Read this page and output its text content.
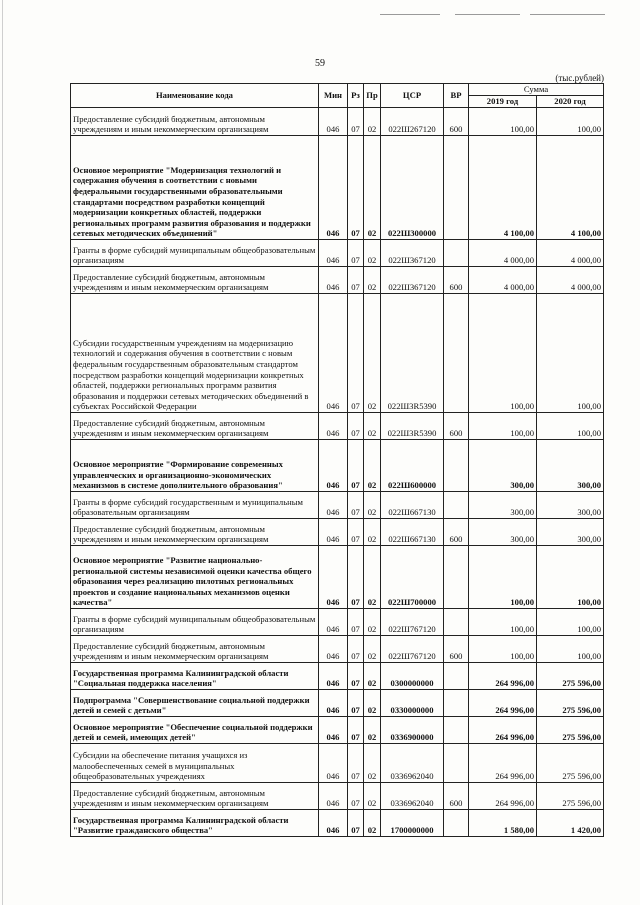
59
(тыс.рублей)
Наименование кода	Мин	Рз	Пр	ЦСР	ВР	Сумма	
						2019 год	2020 год
Предоставление субсидий бюджетным, автономным учреждениям и иным некоммерческим организациям	046	07	02	022Ш267120	600	100,00	100,00
Основное мероприятие "Модернизация технологий и содержания обучения в соответствии с новыми федеральными государственными образовательными стандартами посредством разработки концепций модернизации конкретных областей, поддержки региональных программ развития образования и поддержки сетевых методических объединений"	046	07	02	022Ш300000		4 100,00	4 100,00
Гранты в форме субсидий муниципальным общеобразовательным организациям	046	07	02	022Ш367120		4 000,00	4 000,00
Предоставление субсидий бюджетным, автономным учреждениям и иным некоммерческим организациям	046	07	02	022Ш367120	600	4 000,00	4 000,00
Субсидии государственным учреждениям на модернизацию технологий и содержания обучения в соответствии с новым федеральным государственным образовательным стандартом посредством разработки концепций модернизации конкретных областей, поддержки региональных программ развития образования и поддержки сетевых методических объединений в субъектах Российской Федерации	046	07	02	022Ш3R5390		100,00	100,00
Предоставление субсидий бюджетным, автономным учреждениям и иным некоммерческим организациям	046	07	02	022Ш3R5390	600	100,00	100,00
Основное мероприятие "Формирование современных управленческих и организационно-экономических механизмов в системе дополнительного образования"	046	07	02	022Ш600000		300,00	300,00
Гранты в форме субсидий государственным и муниципальным образовательным организациям	046	07	02	022Ш667130		300,00	300,00
Предоставление субсидий бюджетным, автономным учреждениям и иным некоммерческим организациям	046	07	02	022Ш667130	600	300,00	300,00
Основное мероприятие "Развитие национально-региональной системы независимой оценки качества общего образования через реализацию пилотных региональных проектов и создание национальных механизмов оценки качества"	046	07	02	022Ш700000		100,00	100,00
Гранты в форме субсидий муниципальным общеобразовательным организациям	046	07	02	022Ш767120		100,00	100,00
Предоставление субсидий бюджетным, автономным учреждениям и иным некоммерческим организациям	046	07	02	022Ш767120	600	100,00	100,00
Государственная программа Калининградской области "Социальная поддержка населения"	046	07	02	0300000000		264 996,00	275 596,00
Подпрограмма "Совершенствование социальной поддержки детей и семей с детьми"	046	07	02	0330000000		264 996,00	275 596,00
Основное мероприятие "Обеспечение социальной поддержки детей и семей, имеющих детей"	046	07	02	0336900000		264 996,00	275 596,00
Субсидии на обеспечение питания учащихся из малообеспеченных семей в муниципальных общеобразовательных учреждениях	046	07	02	0336962040		264 996,00	275 596,00
Предоставление субсидий бюджетным, автономным учреждениям и иным некоммерческим организациям	046	07	02	0336962040	600	264 996,00	275 596,00
Государственная программа Калининградской области "Развитие гражданского общества"	046	07	02	1700000000		1 580,00	1 420,00
